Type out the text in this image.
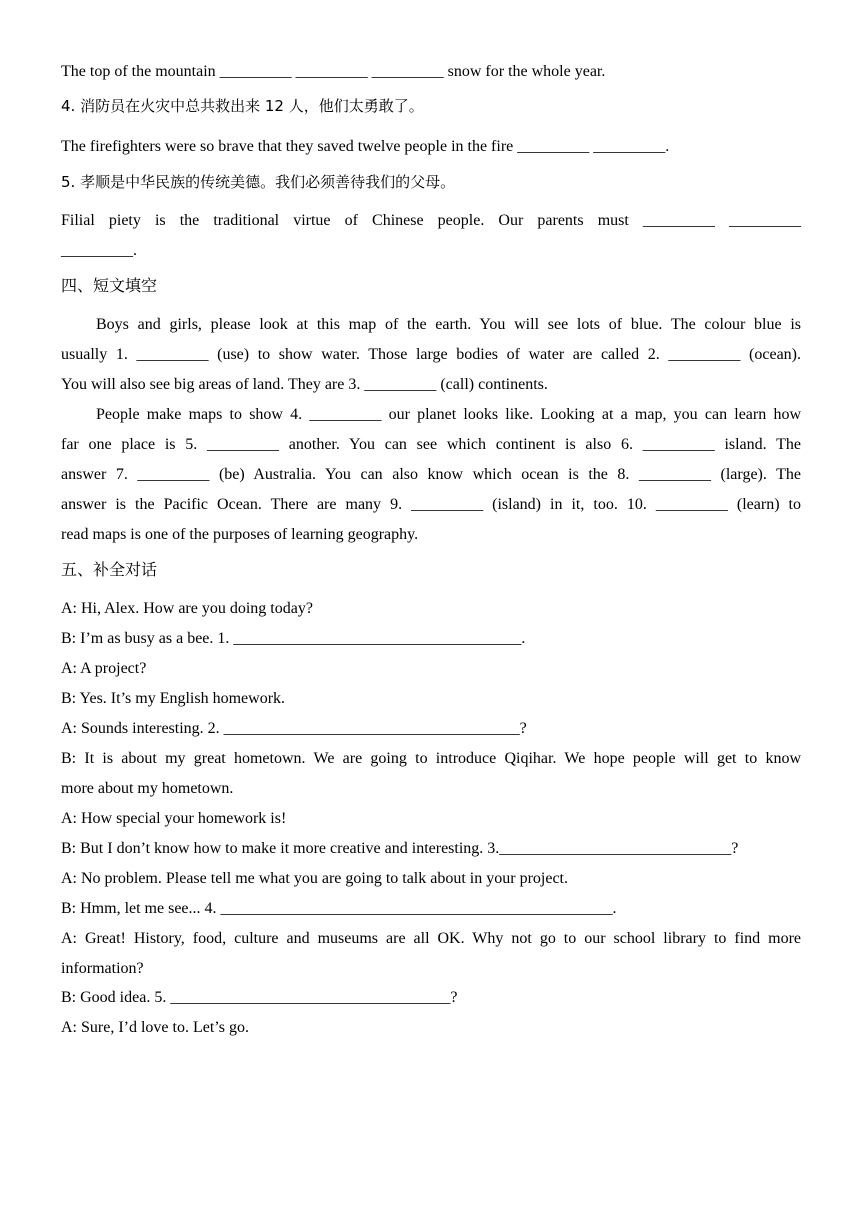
The top of the mountain _________ _________ _________ snow for the whole year.
4. 消防员在火灾中总共救出来 12 人，他们太勇敢了。
The firefighters were so brave that they saved twelve people in the fire _________ _________.
5. 孝顺是中华民族的传统美德。我们必须善待我们的父母。
Filial piety is the traditional virtue of Chinese people. Our parents must _________ _________
_________.
四、短文填空
Boys and girls, please look at this map of the earth. You will see lots of blue. The colour blue is
usually 1. _________ (use) to show water. Those large bodies of water are called 2. _________ (ocean).
You will also see big areas of land. They are 3. _________ (call) continents.
People make maps to show 4. _________ our planet looks like. Looking at a map, you can learn how
far one place is 5. _________ another. You can see which continent is also 6. _________ island. The
answer 7. _________ (be) Australia. You can also know which ocean is the 8. _________ (large). The
answer is the Pacific Ocean. There are many 9. _________ (island) in it, too. 10. _________ (learn) to
read maps is one of the purposes of learning geography.
五、补全对话
A: Hi, Alex. How are you doing today?
B: I’m as busy as a bee. 1. ____________________________________.
A: A project?
B: Yes. It’s my English homework.
A: Sounds interesting. 2. _____________________________________?
B: It is about my great hometown. We are going to introduce Qiqihar. We hope people will get to know
more about my hometown.
A: How special your homework is!
B: But I don’t know how to make it more creative and interesting. 3._____________________________?
A: No problem. Please tell me what you are going to talk about in your project.
B: Hmm, let me see... 4. _________________________________________________.
A: Great! History, food, culture and museums are all OK. Why not go to our school library to find more
information?
B: Good idea. 5. ___________________________________?
A: Sure, I’d love to. Let’s go.
